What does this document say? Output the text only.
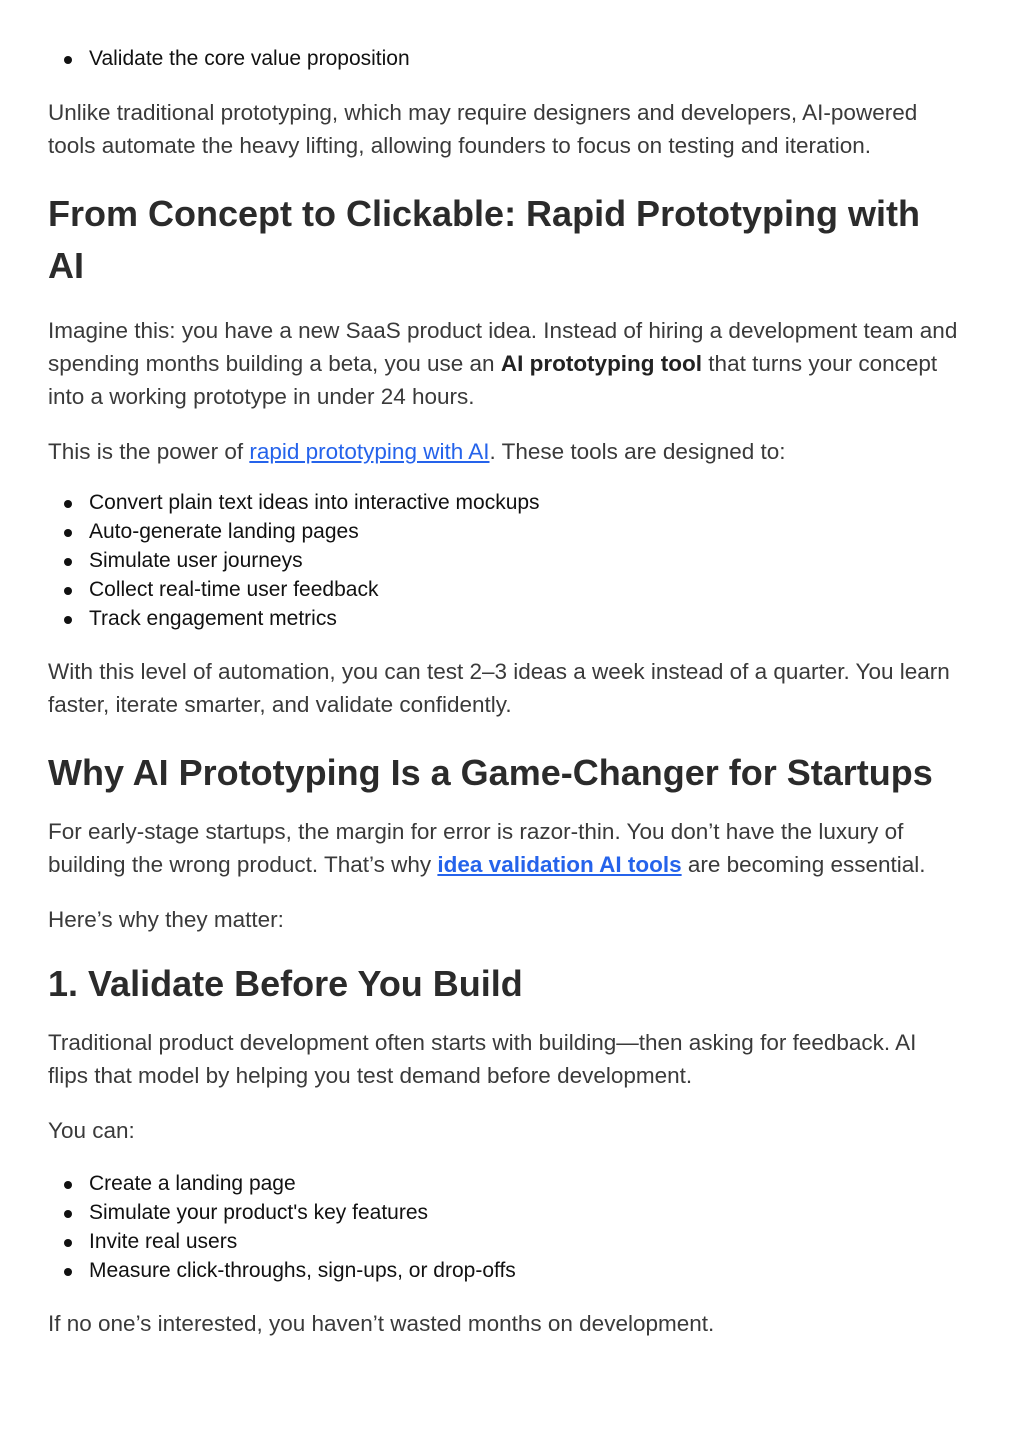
Validate the core value proposition

Unlike traditional prototyping, which may require designers and developers, AI-powered tools automate the heavy lifting, allowing founders to focus on testing and iteration.

From Concept to Clickable: Rapid Prototyping with AI

Imagine this: you have a new SaaS product idea. Instead of hiring a development team and spending months building a beta, you use an AI prototyping tool that turns your concept into a working prototype in under 24 hours.

This is the power of rapid prototyping with AI. These tools are designed to:

Convert plain text ideas into interactive mockups
Auto-generate landing pages
Simulate user journeys
Collect real-time user feedback
Track engagement metrics

With this level of automation, you can test 2–3 ideas a week instead of a quarter. You learn faster, iterate smarter, and validate confidently.

Why AI Prototyping Is a Game-Changer for Startups

For early-stage startups, the margin for error is razor-thin. You don’t have the luxury of building the wrong product. That’s why idea validation AI tools are becoming essential.

Here’s why they matter:

1. Validate Before You Build

Traditional product development often starts with building—then asking for feedback. AI flips that model by helping you test demand before development.

You can:

Create a landing page
Simulate your product's key features
Invite real users
Measure click-throughs, sign-ups, or drop-offs

If no one’s interested, you haven’t wasted months on development.
